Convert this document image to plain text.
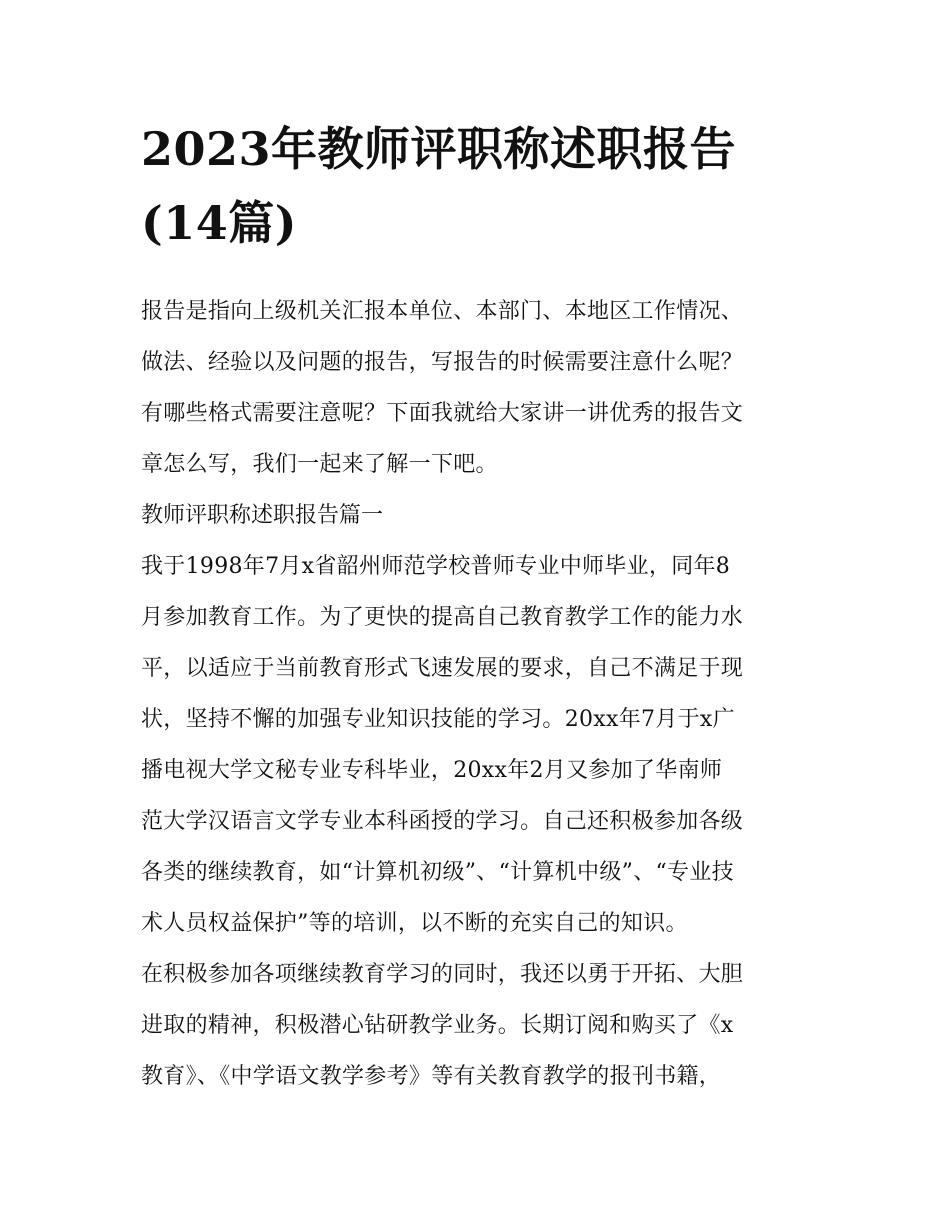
2023年教师评职称述职报告
(14篇)

报告是指向上级机关汇报本单位、本部门、本地区工作情况、
做法、经验以及问题的报告，写报告的时候需要注意什么呢？
有哪些格式需要注意呢？下面我就给大家讲一讲优秀的报告文
章怎么写，我们一起来了解一下吧。

教师评职称述职报告篇一

我于1998年7月x省韶州师范学校普师专业中师毕业，同年8
月参加教育工作。为了更快的提高自己教育教学工作的能力水
平，以适应于当前教育形式飞速发展的要求，自己不满足于现
状，坚持不懈的加强专业知识技能的学习。20xx年7月于x广
播电视大学文秘专业专科毕业，20xx年2月又参加了华南师
范大学汉语言文学专业本科函授的学习。自己还积极参加各级
各类的继续教育，如“计算机初级”、“计算机中级”、“专业技
术人员权益保护”等的培训，以不断的充实自己的知识。

在积极参加各项继续教育学习的同时，我还以勇于开拓、大胆
进取的精神，积极潜心钻研教学业务。长期订阅和购买了《x
教育》、《中学语文教学参考》等有关教育教学的报刊书籍，
